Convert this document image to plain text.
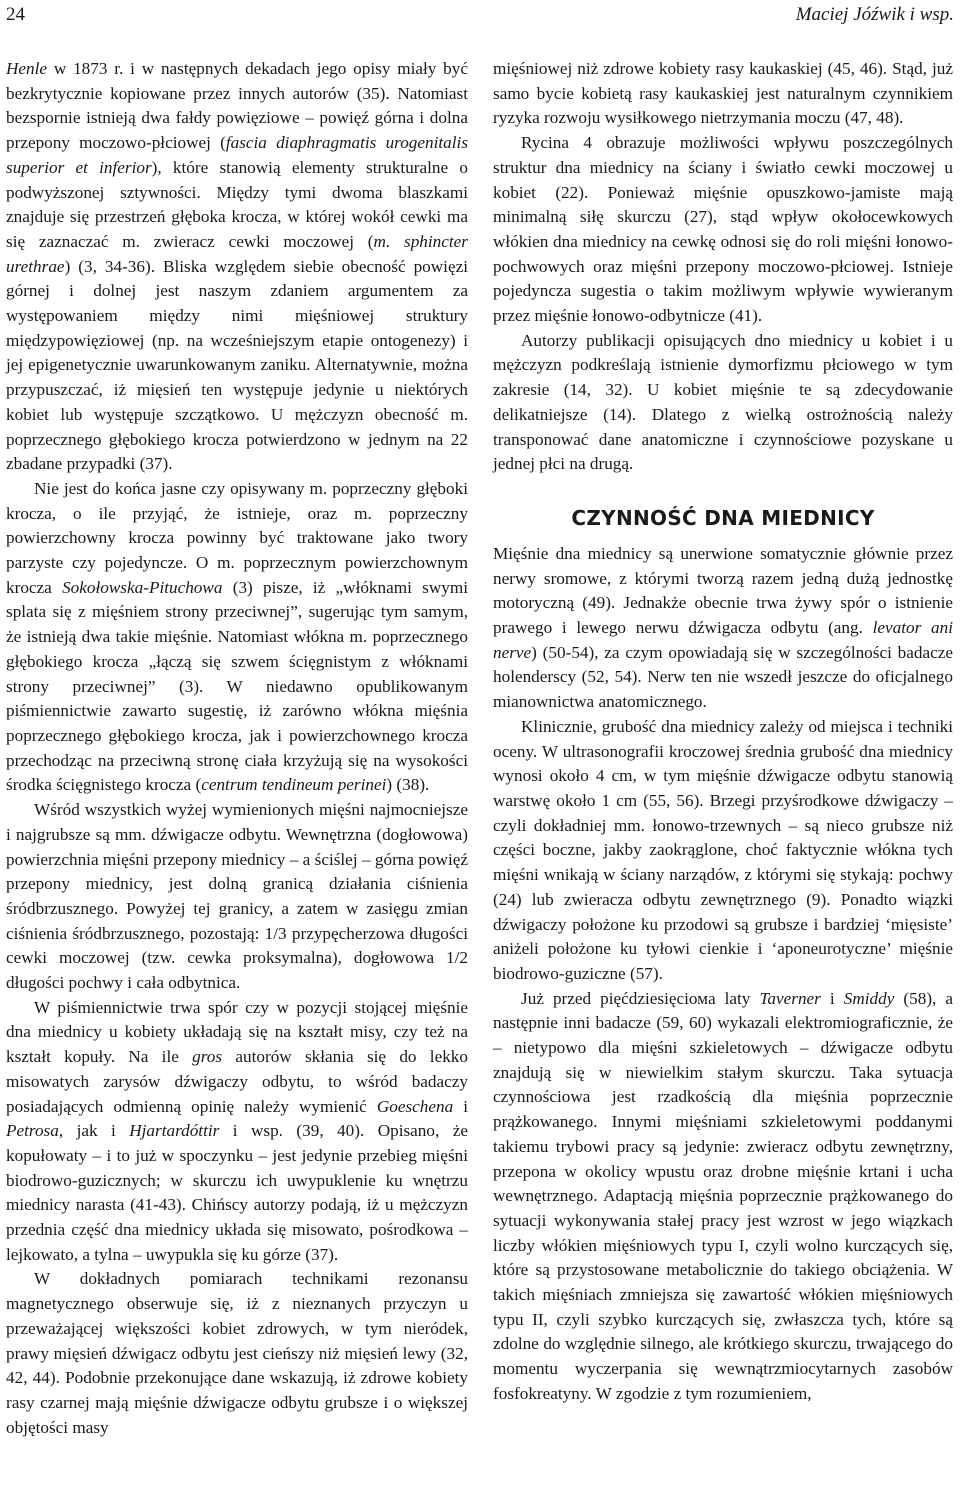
24	Maciej Jóźwik i wsp.

Henle w 1873 r. i w następnych dekadach jego opisy miały być bezkrytycznie kopiowane przez innych autorów (35). Natomiast bezspornie istnieją dwa fałdy powięziowe – powięź górna i dolna przepony moczowo-płciowej (fascia diaphragmatis urogenitalis superior et inferior), które stanowią elementy strukturalne o podwyższonej sztywności. Między tymi dwoma blaszkami znajduje się przestrzeń głęboka krocza, w której wokół cewki ma się zaznaczać m. zwieracz cewki moczowej (m. sphincter urethrae) (3, 34-36). Bliska względem siebie obecność powięzi górnej i dolnej jest naszym zdaniem argumentem za występowaniem między nimi mięśniowej struktury międzypowięziowej (np. na wcześniejszym etapie ontogenezy) i jej epigenetycznie uwarunkowanym zaniku. Alternatywnie, można przypuszczać, iż mięsień ten występuje jedynie u niektórych kobiet lub występuje szczątkowo. U mężczyzn obecność m. poprzecznego głębokiego krocza potwierdzono w jednym na 22 zbadane przypadki (37).

Nie jest do końca jasne czy opisywany m. poprzeczny głęboki krocza, o ile przyjąć, że istnieje, oraz m. poprzeczny powierzchowny krocza powinny być traktowane jako twory parzyste czy pojedyncze. O m. poprzecznym powierzchownym krocza Sokołowska-Pituchowa (3) pisze, iż „włóknami swymi splata się z mięśniem strony przeciwnej”, sugerując tym samym, że istnieją dwa takie mięśnie. Natomiast włókna m. poprzecznego głębokiego krocza „łączą się szwem ścięgnistym z włóknami strony przeciwnej” (3). W niedawno opublikowanym piśmiennictwie zawarto sugestię, iż zarówno włókna mięśnia poprzecznego głębokiego krocza, jak i powierzchownego krocza przechodząc na przeciwną stronę ciała krzyżują się na wysokości środka ścięgnistego krocza (centrum tendineum perinei) (38).

Wśród wszystkich wyżej wymienionych mięśni najmocniejsze i najgrubsze są mm. dźwigacze odbytu. Wewnętrzna (dogłowowa) powierzchnia mięśni przepony miednicy – a ściślej – górna powięź przepony miednicy, jest dolną granicą działania ciśnienia śródbrzusznego. Powyżej tej granicy, a zatem w zasięgu zmian ciśnienia śródbrzusznego, pozostają: 1/3 przypęcherzowa długości cewki moczowej (tzw. cewka proksymalna), dogłowowa 1/2 długości pochwy i cała odbytnica.

W piśmiennictwie trwa spór czy w pozycji stojącej mięśnie dna miednicy u kobiety układają się na kształt misy, czy też na kształt kopuły. Na ile gros autorów skłania się do lekko misowatych zarysów dźwigaczy odbytu, to wśród badaczy posiadających odmienną opinię należy wymienić Goeschena i Petrosa, jak i Hjartardóttir i wsp. (39, 40). Opisano, że kopułowaty – i to już w spoczynku – jest jedynie przebieg mięśni biodrowo-guzicznych; w skurczu ich uwypuklenie ku wnętrzu miednicy narasta (41-43). Chińscy autorzy podają, iż u mężczyzn przednia część dna miednicy układa się misowato, pośrodkowa – lejkowato, a tylna – uwypukla się ku górze (37).

W dokładnych pomiarach technikami rezonansu magnetycznego obserwuje się, iż z nieznanych przyczyn u przeważającej większości kobiet zdrowych, w tym nieródek, prawy mięsień dźwigacz odbytu jest cieńszy niż mięsień lewy (32, 42, 44). Podobnie przekonujące dane wskazują, iż zdrowe kobiety rasy czarnej mają mięśnie dźwigacze odbytu grubsze i o większej objętości masy

mięśniowej niż zdrowe kobiety rasy kaukaskiej (45, 46). Stąd, już samo bycie kobietą rasy kaukaskiej jest naturalnym czynnikiem ryzyka rozwoju wysiłkowego nietrzymania moczu (47, 48).

Rycina 4 obrazuje możliwości wpływu poszczególnych struktur dna miednicy na ściany i światło cewki moczowej u kobiet (22). Ponieważ mięśnie opuszkowo-jamiste mają minimalną siłę skurczu (27), stąd wpływ okołocewkowych włókien dna miednicy na cewkę odnosi się do roli mięśni łonowo-pochwowych oraz mięśni przepony moczowo-płciowej. Istnieje pojedyncza sugestia o takim możliwym wpływie wywieranym przez mięśnie łonowo-odbytnicze (41).

Autorzy publikacji opisujących dno miednicy u kobiet i u mężczyzn podkreślają istnienie dymorfizmu płciowego w tym zakresie (14, 32). U kobiet mięśnie te są zdecydowanie delikatniejsze (14). Dlatego z wielką ostrożnością należy transponować dane anatomiczne i czynnościowe pozyskane u jednej płci na drugą.

CZYNNOŚĆ DNA MIEDNICY

Mięśnie dna miednicy są unerwione somatycznie głównie przez nerwy sromowe, z którymi tworzą razem jedną dużą jednostkę motoryczną (49). Jednakże obecnie trwa żywy spór o istnienie prawego i lewego nerwu dźwigacza odbytu (ang. levator ani nerve) (50-54), za czym opowiadają się w szczególności badacze holenderscy (52, 54). Nerw ten nie wszedł jeszcze do oficjalnego mianownictwa anatomicznego.

Klinicznie, grubość dna miednicy zależy od miejsca i techniki oceny. W ultrasonografii kroczowej średnia grubość dna miednicy wynosi około 4 cm, w tym mięśnie dźwigacze odbytu stanowią warstwę około 1 cm (55, 56). Brzegi przyśrodkowe dźwigaczy – czyli dokładniej mm. łonowo-trzewnych – są nieco grubsze niż części boczne, jakby zaokrąglone, choć faktycznie włókna tych mięśni wnikają w ściany narządów, z którymi się stykają: pochwy (24) lub zwieracza odbytu zewnętrznego (9). Ponadto wiązki dźwigaczy położone ku przodowi są grubsze i bardziej ‘mięsiste’ aniżeli położone ku tyłowi cienkie i ‘aponeurotyczne’ mięśnie biodrowo-guziczne (57).

Już przed pięćdziesięciома laty Taverner i Smiddy (58), a następnie inni badacze (59, 60) wykazali elektromiograficznie, że – nietypowo dla mięśni szkieletowych – dźwigacze odbytu znajdują się w niewielkim stałym skurczu. Taka sytuacja czynnościowa jest rzadkością dla mięśnia poprzecznie prążkowanego. Innymi mięśniami szkieletowymi poddanymi takiemu trybowi pracy są jedynie: zwieracz odbytu zewnętrzny, przepona w okolicy wpustu oraz drobne mięśnie krtani i ucha wewnętrznego. Adaptacją mięśnia poprzecznie prążkowanego do sytuacji wykonywania stałej pracy jest wzrost w jego wiązkach liczby włókien mięśniowych typu I, czyli wolno kurczących się, które są przystosowane metabolicznie do takiego obciążenia. W takich mięśniach zmniejsza się zawartość włókien mięśniowych typu II, czyli szybko kurczących się, zwłaszcza tych, które są zdolne do względnie silnego, ale krótkiego skurczu, trwającego do momentu wyczerpania się wewnątrzmiocytarnych zasobów fosfokreatyny. W zgodzie z tym rozumieniem,
